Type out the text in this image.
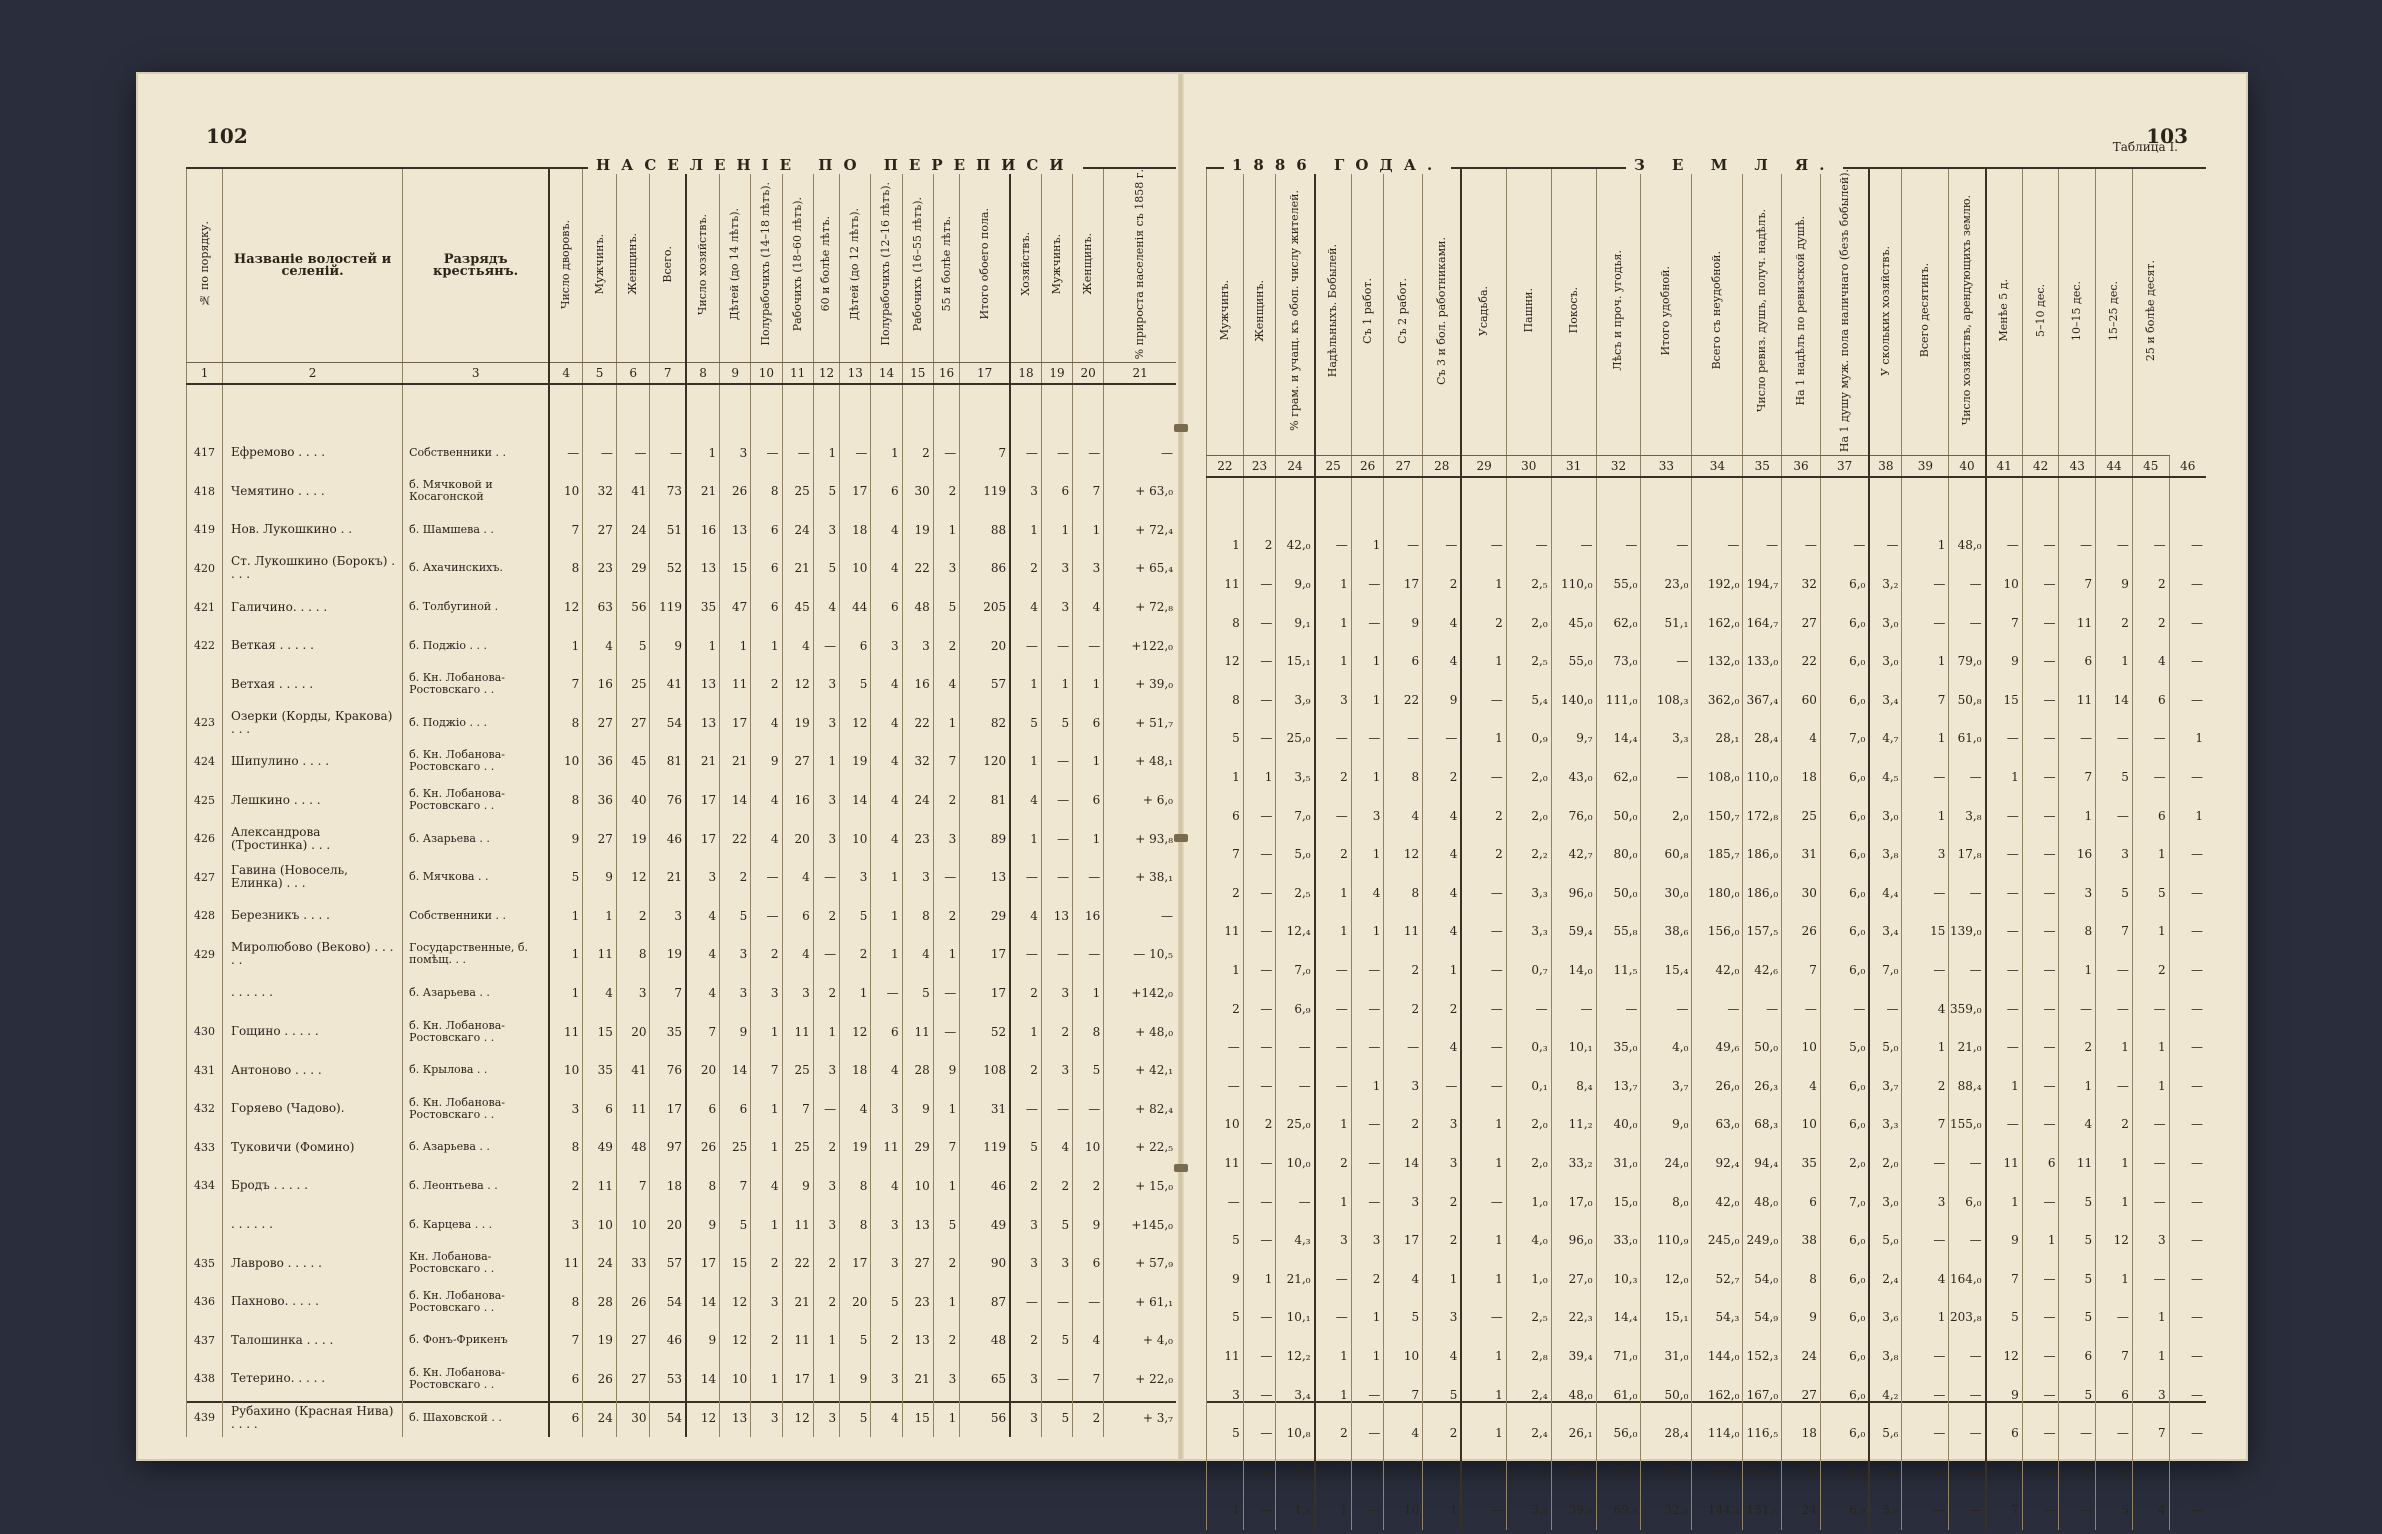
102	103
Таблица I.
НАСЕЛЕНІЕ ПО ПЕРЕПИСИ
№ по порядку.	Названіе волостей и селеній.	Разрядъ крестьянъ.	Число дворовъ.	Мужчинъ.	Женщинъ.	Всего.	Число хозяйствъ.	Дѣтей (до 14 лѣтъ).	Полурабочихъ (14–18 лѣтъ).	Рабочихъ (18–60 лѣтъ).	60 и болѣе лѣтъ.	Дѣтей (до 12 лѣтъ).	Полурабочихъ (12–16 лѣтъ).	Рабочихъ (16–55 лѣтъ).	55 и болѣе лѣтъ.	Итого обоего пола.	Хозяйствъ.	Мужчинъ.	Женщинъ.	% прироста населенія съ 1858 г.
1	2	3	4	5	6	7	8	9	10	11	12	13	14	15	16	17	18	19	20	21

417	Ефремово . . . .	Собственники . .	—	—	—	—	1	3	—	—	1	—	1	2	—	7	—	—	—	—
418	Чемятино . . . .	б. Мячковой и Косагонской	10	32	41	73	21	26	8	25	5	17	6	30	2	119	3	6	7	+ 63,₀
419	Нов. Лукошкино . .	б. Шамшева . .	7	27	24	51	16	13	6	24	3	18	4	19	1	88	1	1	1	+ 72,₄
420	Ст. Лукошкино (Борокъ) . . . .	б. Ахачинскихъ.	8	23	29	52	13	15	6	21	5	10	4	22	3	86	2	3	3	+ 65,₄
421	Галичино. . . . .	б. Толбугиной .	12	63	56	119	35	47	6	45	4	44	6	48	5	205	4	3	4	+ 72,₈
422	Веткая . . . . .	б. Поджіо . . .	1	4	5	9	1	1	1	4	—	6	3	3	2	20	—	—	—	+122,₀
	Ветхая . . . . .	б. Кн. Лобанова-Ростовскаго . .	7	16	25	41	13	11	2	12	3	5	4	16	4	57	1	1	1	+ 39,₀
423	Озерки (Корды, Кракова) . . .	б. Поджіо . . .	8	27	27	54	13	17	4	19	3	12	4	22	1	82	5	5	6	+ 51,₇
424	Шипулино . . . .	б. Кн. Лобанова-Ростовскаго . .	10	36	45	81	21	21	9	27	1	19	4	32	7	120	1	—	1	+ 48,₁
425	Лешкино . . . .	б. Кн. Лобанова-Ростовскаго . .	8	36	40	76	17	14	4	16	3	14	4	24	2	81	4	—	6	+ 6,₀
426	Александрова (Тростинка) . . .	б. Азарьева . .	9	27	19	46	17	22	4	20	3	10	4	23	3	89	1	—	1	+ 93,₈
427	Гавина (Новосель, Елинка) . . .	б. Мячкова . .	5	9	12	21	3	2	—	4	—	3	1	3	—	13	—	—	—	+ 38,₁
428	Березникъ . . . .	Собственники . .	1	1	2	3	4	5	—	6	2	5	1	8	2	29	4	13	16	—
429	Миролюбово (Веково) . . . . .	Государственные, б. помѣщ. . .	1	11	8	19	4	3	2	4	—	2	1	4	1	17	—	—	—	— 10,₅
	. . . . . .	б. Азарьева . .	1	4	3	7	4	3	3	3	2	1	—	5	—	17	2	3	1	+142,₀
430	Гощино . . . . .	б. Кн. Лобанова-Ростовскаго . .	11	15	20	35	7	9	1	11	1	12	6	11	—	52	1	2	8	+ 48,₀
431	Антоново . . . .	б. Крылова . .	10	35	41	76	20	14	7	25	3	18	4	28	9	108	2	3	5	+ 42,₁
432	Горяево (Чадово).	б. Кн. Лобанова-Ростовскаго . .	3	6	11	17	6	6	1	7	—	4	3	9	1	31	—	—	—	+ 82,₄
433	Туковичи (Фомино)	б. Азарьева . .	8	49	48	97	26	25	1	25	2	19	11	29	7	119	5	4	10	+ 22,₅
434	Бродъ . . . . .	б. Леонтьева . .	2	11	7	18	8	7	4	9	3	8	4	10	1	46	2	2	2	+ 15,₀
	. . . . . .	б. Карцева . . .	3	10	10	20	9	5	1	11	3	8	3	13	5	49	3	5	9	+145,₀
435	Лаврово . . . . .	Кн. Лобанова-Ростовскаго . .	11	24	33	57	17	15	2	22	2	17	3	27	2	90	3	3	6	+ 57,₉
436	Пахново. . . . .	б. Кн. Лобанова-Ростовскаго . .	8	28	26	54	14	12	3	21	2	20	5	23	1	87	—	—	—	+ 61,₁
437	Талошинка . . . .	б. Фонъ-Фрикенъ	7	19	27	46	9	12	2	11	1	5	2	13	2	48	2	5	4	+ 4,₀
438	Тетерино. . . . .	б. Кн. Лобанова-Ростовскаго . .	6	26	27	53	14	10	1	17	1	9	3	21	3	65	3	—	7	+ 22,₀
439	Рубахино (Красная Нива) . . . .	б. Шаховской . .	6	24	30	54	12	13	3	12	3	5	4	15	1	56	3	5	2	+ 3,₇
1886 ГОДА.	З Е М Л Я.
Мужчинъ.	Женщинъ.	% грам. и учащ. къ обоп. числу жителей.	Надѣльныхъ. Бобылей.	Съ 1 работ.	Съ 2 работ.	Съ 3 и бол. работниками.	Усадьба.	Пашни.	Покосъ.	Лѣсъ и проч. угодья.	Итого удобной.	Всего съ неудобной.	Число ревиз. душъ, получ. надѣлъ.	На 1 надѣлъ по ревизской душѣ.	На 1 душу муж. пола наличнаго (безъ бобылей).	У скольких хозяйствъ.	Всего десятинъ.	Число хозяйствъ, арендующихъ землю.	Менѣе 5 д.	5–10 дес.	10–15 дес.	15–25 дес.	25 и болѣе десят.	
22	23	24	25	26	27	28	29	30	31	32	33	34	35	36	37	38	39	40	41	42	43	44	45	46

1	2	42,₀	—	1	—	—	—	—	—	—	—	—	—	—	—	—	1	48,₀	—	—	—	—	—	—
11	—	9,₀	1	—	17	2	1	2,₅	110,₀	55,₀	23,₀	192,₀	194,₇	32	6,₀	3,₂	—	—	10	—	7	9	2	—
8	—	9,₁	1	—	9	4	2	2,₀	45,₀	62,₀	51,₁	162,₀	164,₇	27	6,₀	3,₀	—	—	7	—	11	2	2	—
12	—	15,₁	1	1	6	4	1	2,₅	55,₀	73,₀	—	132,₀	133,₀	22	6,₀	3,₀	1	79,₀	9	—	6	1	4	—
8	—	3,₉	3	1	22	9	—	5,₄	140,₀	111,₀	108,₃	362,₀	367,₄	60	6,₀	3,₄	7	50,₈	15	—	11	14	6	—
5	—	25,₀	—	—	—	—	1	0,₉	9,₇	14,₄	3,₃	28,₁	28,₄	4	7,₀	4,₇	1	61,₀	—	—	—	—	—	1
1	1	3,₅	2	1	8	2	—	2,₀	43,₀	62,₀	—	108,₀	110,₀	18	6,₀	4,₅	—	—	1	—	7	5	—	—
6	—	7,₀	—	3	4	4	2	2,₀	76,₀	50,₀	2,₀	150,₇	172,₈	25	6,₀	3,₀	1	3,₈	—	—	1	—	6	1
7	—	5,₀	2	1	12	4	2	2,₂	42,₇	80,₀	60,₈	185,₇	186,₀	31	6,₀	3,₈	3	17,₈	—	—	16	3	1	—
2	—	2,₅	1	4	8	4	—	3,₃	96,₀	50,₀	30,₀	180,₀	186,₀	30	6,₀	4,₄	—	—	—	—	3	5	5	—
11	—	12,₄	1	1	11	4	—	3,₃	59,₄	55,₈	38,₆	156,₀	157,₅	26	6,₀	3,₄	15	139,₀	—	—	8	7	1	—
1	—	7,₀	—	—	2	1	—	0,₇	14,₀	11,₅	15,₄	42,₀	42,₆	7	6,₀	7,₀	—	—	—	—	1	—	2	—
2	—	6,₉	—	—	2	2	—	—	—	—	—	—	—	—	—	—	4	359,₀	—	—	—	—	—	—
—	—	—	—	—	—	4	—	0,₃	10,₁	35,₀	4,₀	49,₆	50,₀	10	5,₀	5,₀	1	21,₀	—	—	2	1	1	—
—	—	—	—	1	3	—	—	0,₁	8,₄	13,₇	3,₇	26,₀	26,₃	4	6,₀	3,₇	2	88,₄	1	—	1	—	1	—
10	2	25,₀	1	—	2	3	1	2,₀	11,₂	40,₀	9,₀	63,₀	68,₃	10	6,₀	3,₃	7	155,₀	—	—	4	2	—	—
11	—	10,₀	2	—	14	3	1	2,₀	33,₂	31,₀	24,₀	92,₄	94,₄	35	2,₀	2,₀	—	—	11	6	11	1	—	—
—	—	—	1	—	3	2	—	1,₀	17,₀	15,₀	8,₀	42,₀	48,₀	6	7,₀	3,₀	3	6,₀	1	—	5	1	—	—
5	—	4,₃	3	3	17	2	1	4,₀	96,₀	33,₀	110,₉	245,₀	249,₀	38	6,₀	5,₀	—	—	9	1	5	12	3	—
9	1	21,₀	—	2	4	1	1	1,₀	27,₀	10,₃	12,₀	52,₇	54,₀	8	6,₀	2,₄	4	164,₀	7	—	5	1	—	—
5	—	10,₁	—	1	5	3	—	2,₅	22,₃	14,₄	15,₁	54,₃	54,₉	9	6,₀	3,₆	1	203,₈	5	—	5	—	1	—
11	—	12,₂	1	1	10	4	1	2,₈	39,₄	71,₀	31,₀	144,₀	152,₃	24	6,₀	3,₈	—	—	12	—	6	7	1	—
3	—	3,₄	1	—	7	5	1	2,₄	48,₀	61,₀	50,₀	162,₀	167,₀	27	6,₀	4,₂	—	—	9	—	5	6	3	—
5	—	10,₈	2	—	4	2	1	2,₄	26,₁	56,₀	28,₄	114,₀	116,₅	18	6,₀	5,₆	—	—	6	—	—	—	7	—
3	—	4,₀	1	3	6	2	2	3,₁	56,₀	51,₀	45,₀	156,₀	162,₂	26	6,₀	5,₀	—	—	2	—	1	8	1	1
1	—	1,₀	1	—	10	1	—	3,₃	39,₀	69,₀	32,₈	144,₄	151,₅	24	6,₀	5,₀	—	—	7	—	—	5	4	—
